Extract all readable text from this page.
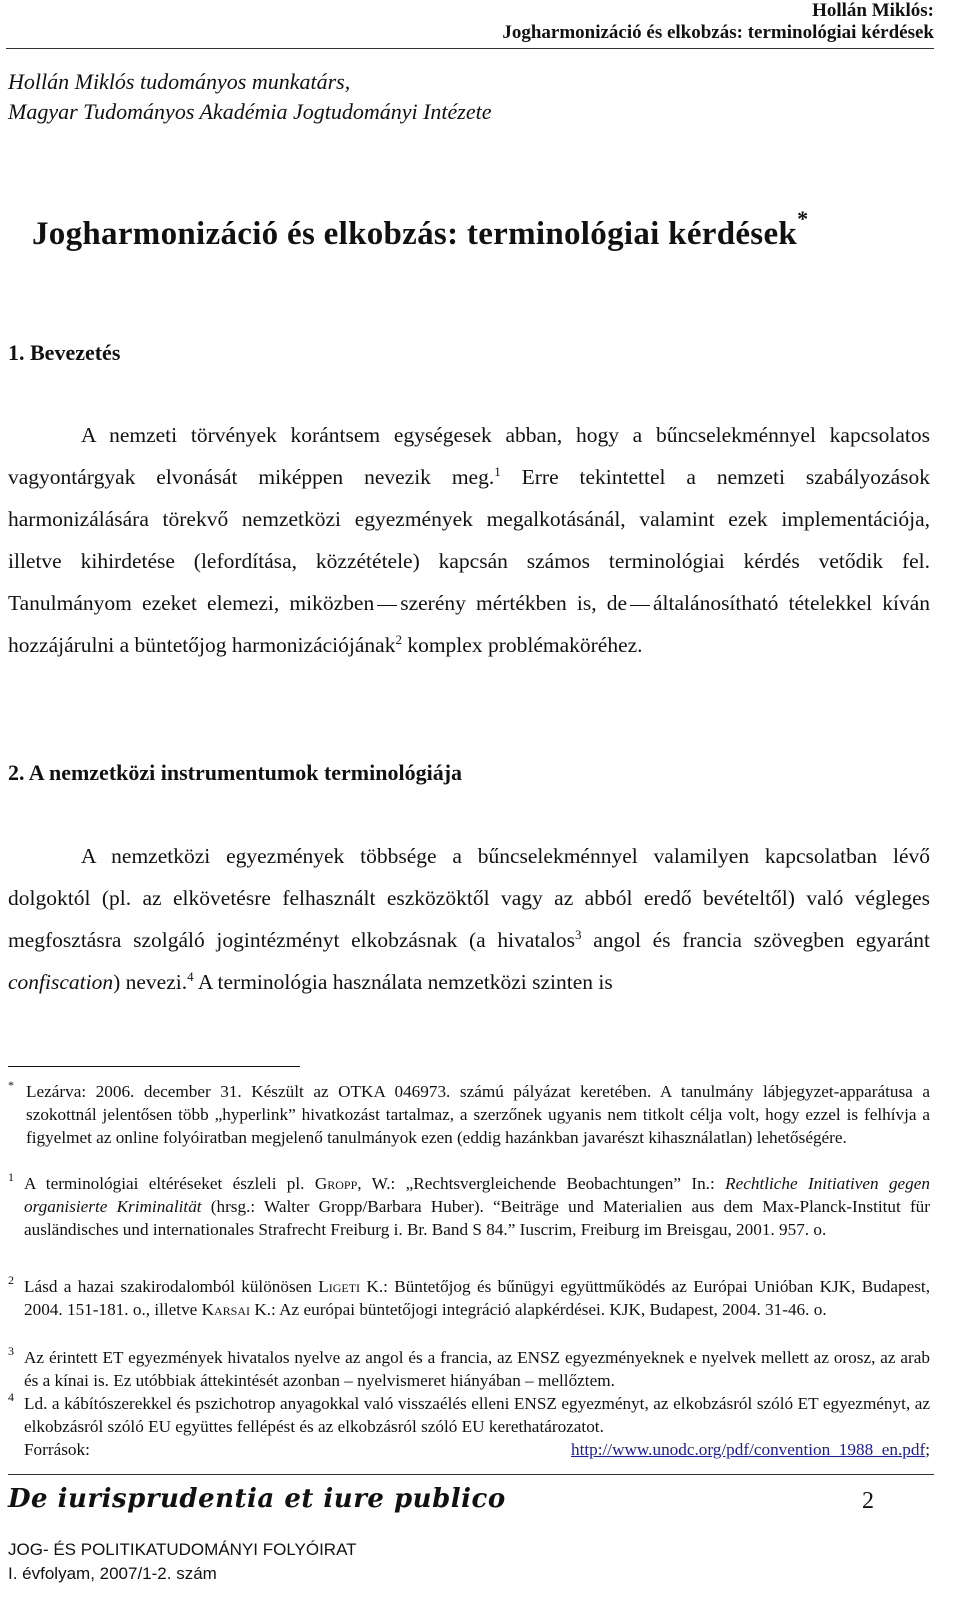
Hollán Miklós:
Jogharmonizáció és elkobzás: terminológiai kérdések
Hollán Miklós tudományos munkatárs,
Magyar Tudományos Akadémia Jogtudományi Intézete
Jogharmonizáció és elkobzás: terminológiai kérdések*
1. Bevezetés
A nemzeti törvények korántsem egységesek abban, hogy a bűncselekménnyel kapcsolatos vagyontárgyak elvonását miképpen nevezik meg.$^1$ Erre tekintettel a nemzeti szabályozások harmonizálására törekvő nemzetközi egyezmények megalkotásánál, valamint ezek implementációja, illetve kihirdetése (lefordítása, közzététele) kapcsán számos terminológiai kérdés vetődik fel. Tanulmányom ezeket elemezi, miközben szerény mértékben is, de általánosítható tételekkel kíván hozzájárulni a büntetőjog harmonizációjának$^2$ komplex problémaköréhez.
2. A nemzetközi instrumentumok terminológiája
A nemzetközi egyezmények többsége a bűncselekménnyel valamilyen kapcsolatban lévő dolgoktól (pl. az elkövetésre felhasznált eszközöktől vagy az abból eredő bevételtől) való végleges megfosztásra szolgáló jogintézményt elkobzásnak (a hivatalos$^3$ angol és francia szövegben egyaránt confiscation) nevezi.$^4$ A terminológia használata nemzetközi szinten is
* Lezárva: 2006. december 31. Készült az OTKA 046973. számú pályázat keretében. A tanulmány lábjegyzet-apparátusa a szokottnál jelentősen több „hyperlink” hivatkozást tartalmaz, a szerzőnek ugyanis nem titkolt célja volt, hogy ezzel is felhívja a figyelmet az online folyóiratban megjelenő tanulmányok ezen (eddig hazánkban javarészt kihasználatlan) lehetőségére.
1 A terminológiai eltéréseket észleli pl. Gropp, W.: „Rechtsvergleichende Beobachtungen” In.: Rechtliche Initiativen gegen organisierte Kriminalität (hrsg.: Walter Gropp/Barbara Huber). “Beiträge und Materialien aus dem Max-Planck-Institut für ausländisches und internationales Strafrecht Freiburg i. Br. Band S 84.” Iuscrim, Freiburg im Breisgau, 2001. 957. o.
2 Lásd a hazai szakirodalomból különösen Ligeti K.: Büntetőjog és bűnügyi együttműködés az Európai Unióban KJK, Budapest, 2004. 151-181. o., illetve Karsai K.: Az európai büntetőjogi integráció alapkérdései. KJK, Budapest, 2004. 31-46. o.
3 Az érintett ET egyezmények hivatalos nyelve az angol és a francia, az ENSZ egyezményeknek e nyelvek mellett az orosz, az arab és a kínai is. Ez utóbbiak áttekintését azonban – nyelvismeret hiányában – mellőztem.
4 Ld. a kábítószerekkel és pszichotrop anyagokkal való visszaélés elleni ENSZ egyezményt, az elkobzásról szóló ET egyezményt, az elkobzásról szóló EU együttes fellépést és az elkobzásról szóló EU kerethatározatot.
Források:	http://www.unodc.org/pdf/convention_1988_en.pdf;
De iurisprudentia et iure publico	2
JOG- ÉS POLITIKATUDOMÁNYI FOLYÓIRAT
I. évfolyam, 2007/1-2. szám
